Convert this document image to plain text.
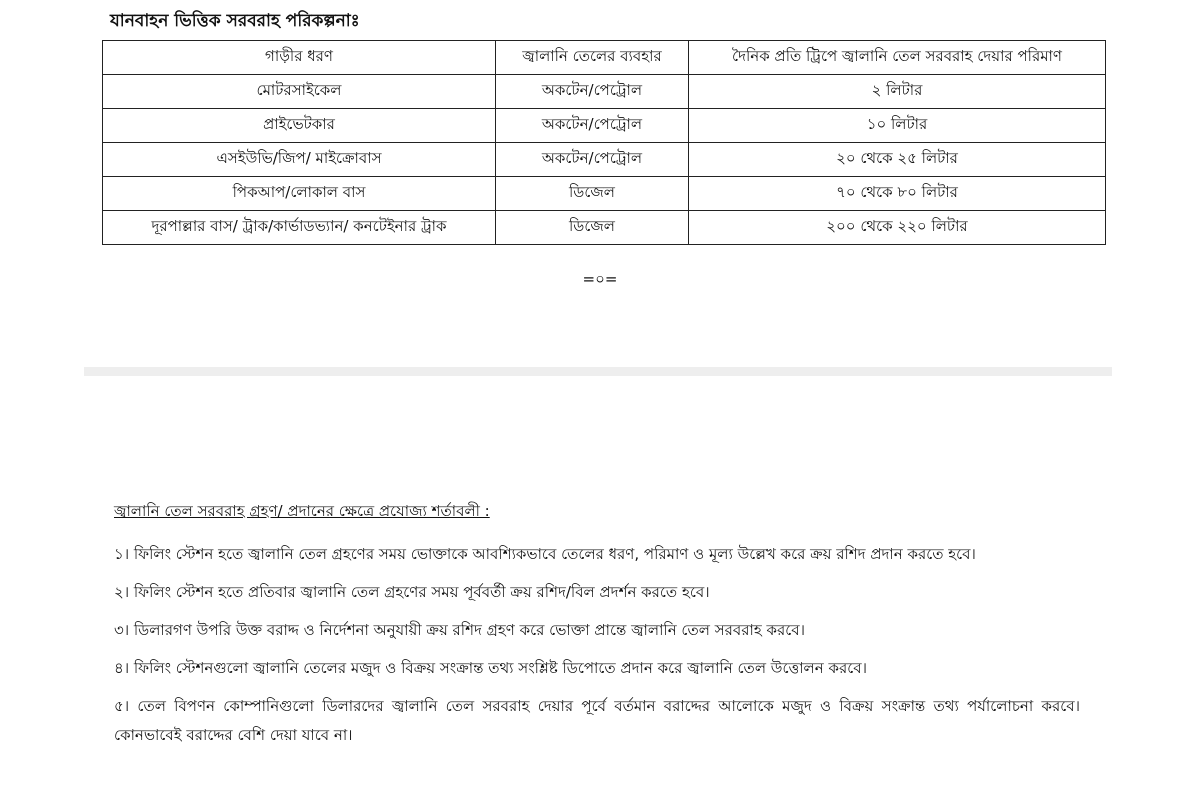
যানবাহন ভিত্তিক সরবরাহ পরিকল্পনাঃ
গাড়ীর ধরণ	জ্বালানি তেলের ব্যবহার	দৈনিক প্রতি ট্রিপে জ্বালানি তেল সরবরাহ দেয়ার পরিমাণ
মোটরসাইকেল	অকটেন/পেট্রোল	২ লিটার
প্রাইভেটকার	অকটেন/পেট্রোল	১০ লিটার
এসইউভি/জিপ/ মাইক্রোবাস	অকটেন/পেট্রোল	২০ থেকে ২৫ লিটার
পিকআপ/লোকাল বাস	ডিজেল	৭০ থেকে ৮০ লিটার
দূরপাল্লার বাস/ ট্রাক/কার্ভাডভ্যান/ কনটেইনার ট্রাক	ডিজেল	২০০ থেকে ২২০ লিটার
=০=
জ্বালানি তেল সরবরাহ গ্রহণ/ প্রদানের ক্ষেত্রে প্রযোজ্য শর্তাবলী :

১। ফিলিং স্টেশন হতে জ্বালানি তেল গ্রহণের সময় ভোক্তাকে আবশ্যিকভাবে তেলের ধরণ, পরিমাণ ও মূল্য উল্লেখ করে ক্রয় রশিদ প্রদান করতে হবে।

২। ফিলিং স্টেশন হতে প্রতিবার জ্বালানি তেল গ্রহণের সময় পূর্ববর্তী ক্রয় রশিদ/বিল প্রদর্শন করতে হবে।

৩। ডিলারগণ উপরি উক্ত বরাদ্দ ও নির্দেশনা অনুযায়ী ক্রয় রশিদ গ্রহণ করে ভোক্তা প্রান্তে জ্বালানি তেল সরবরাহ করবে।

৪। ফিলিং স্টেশনগুলো জ্বালানি তেলের মজুদ ও বিক্রয় সংক্রান্ত তথ্য সংশ্লিষ্ট ডিপোতে প্রদান করে জ্বালানি তেল উত্তোলন করবে।

৫। তেল বিপণন কোম্পানিগুলো ডিলারদের জ্বালানি তেল সরবরাহ দেয়ার পূর্বে বর্তমান বরাদ্দের আলোকে মজুদ ও বিক্রয় সংক্রান্ত তথ্য পর্যালোচনা করবে। কোনভাবেই বরাদ্দের বেশি দেয়া যাবে না।
